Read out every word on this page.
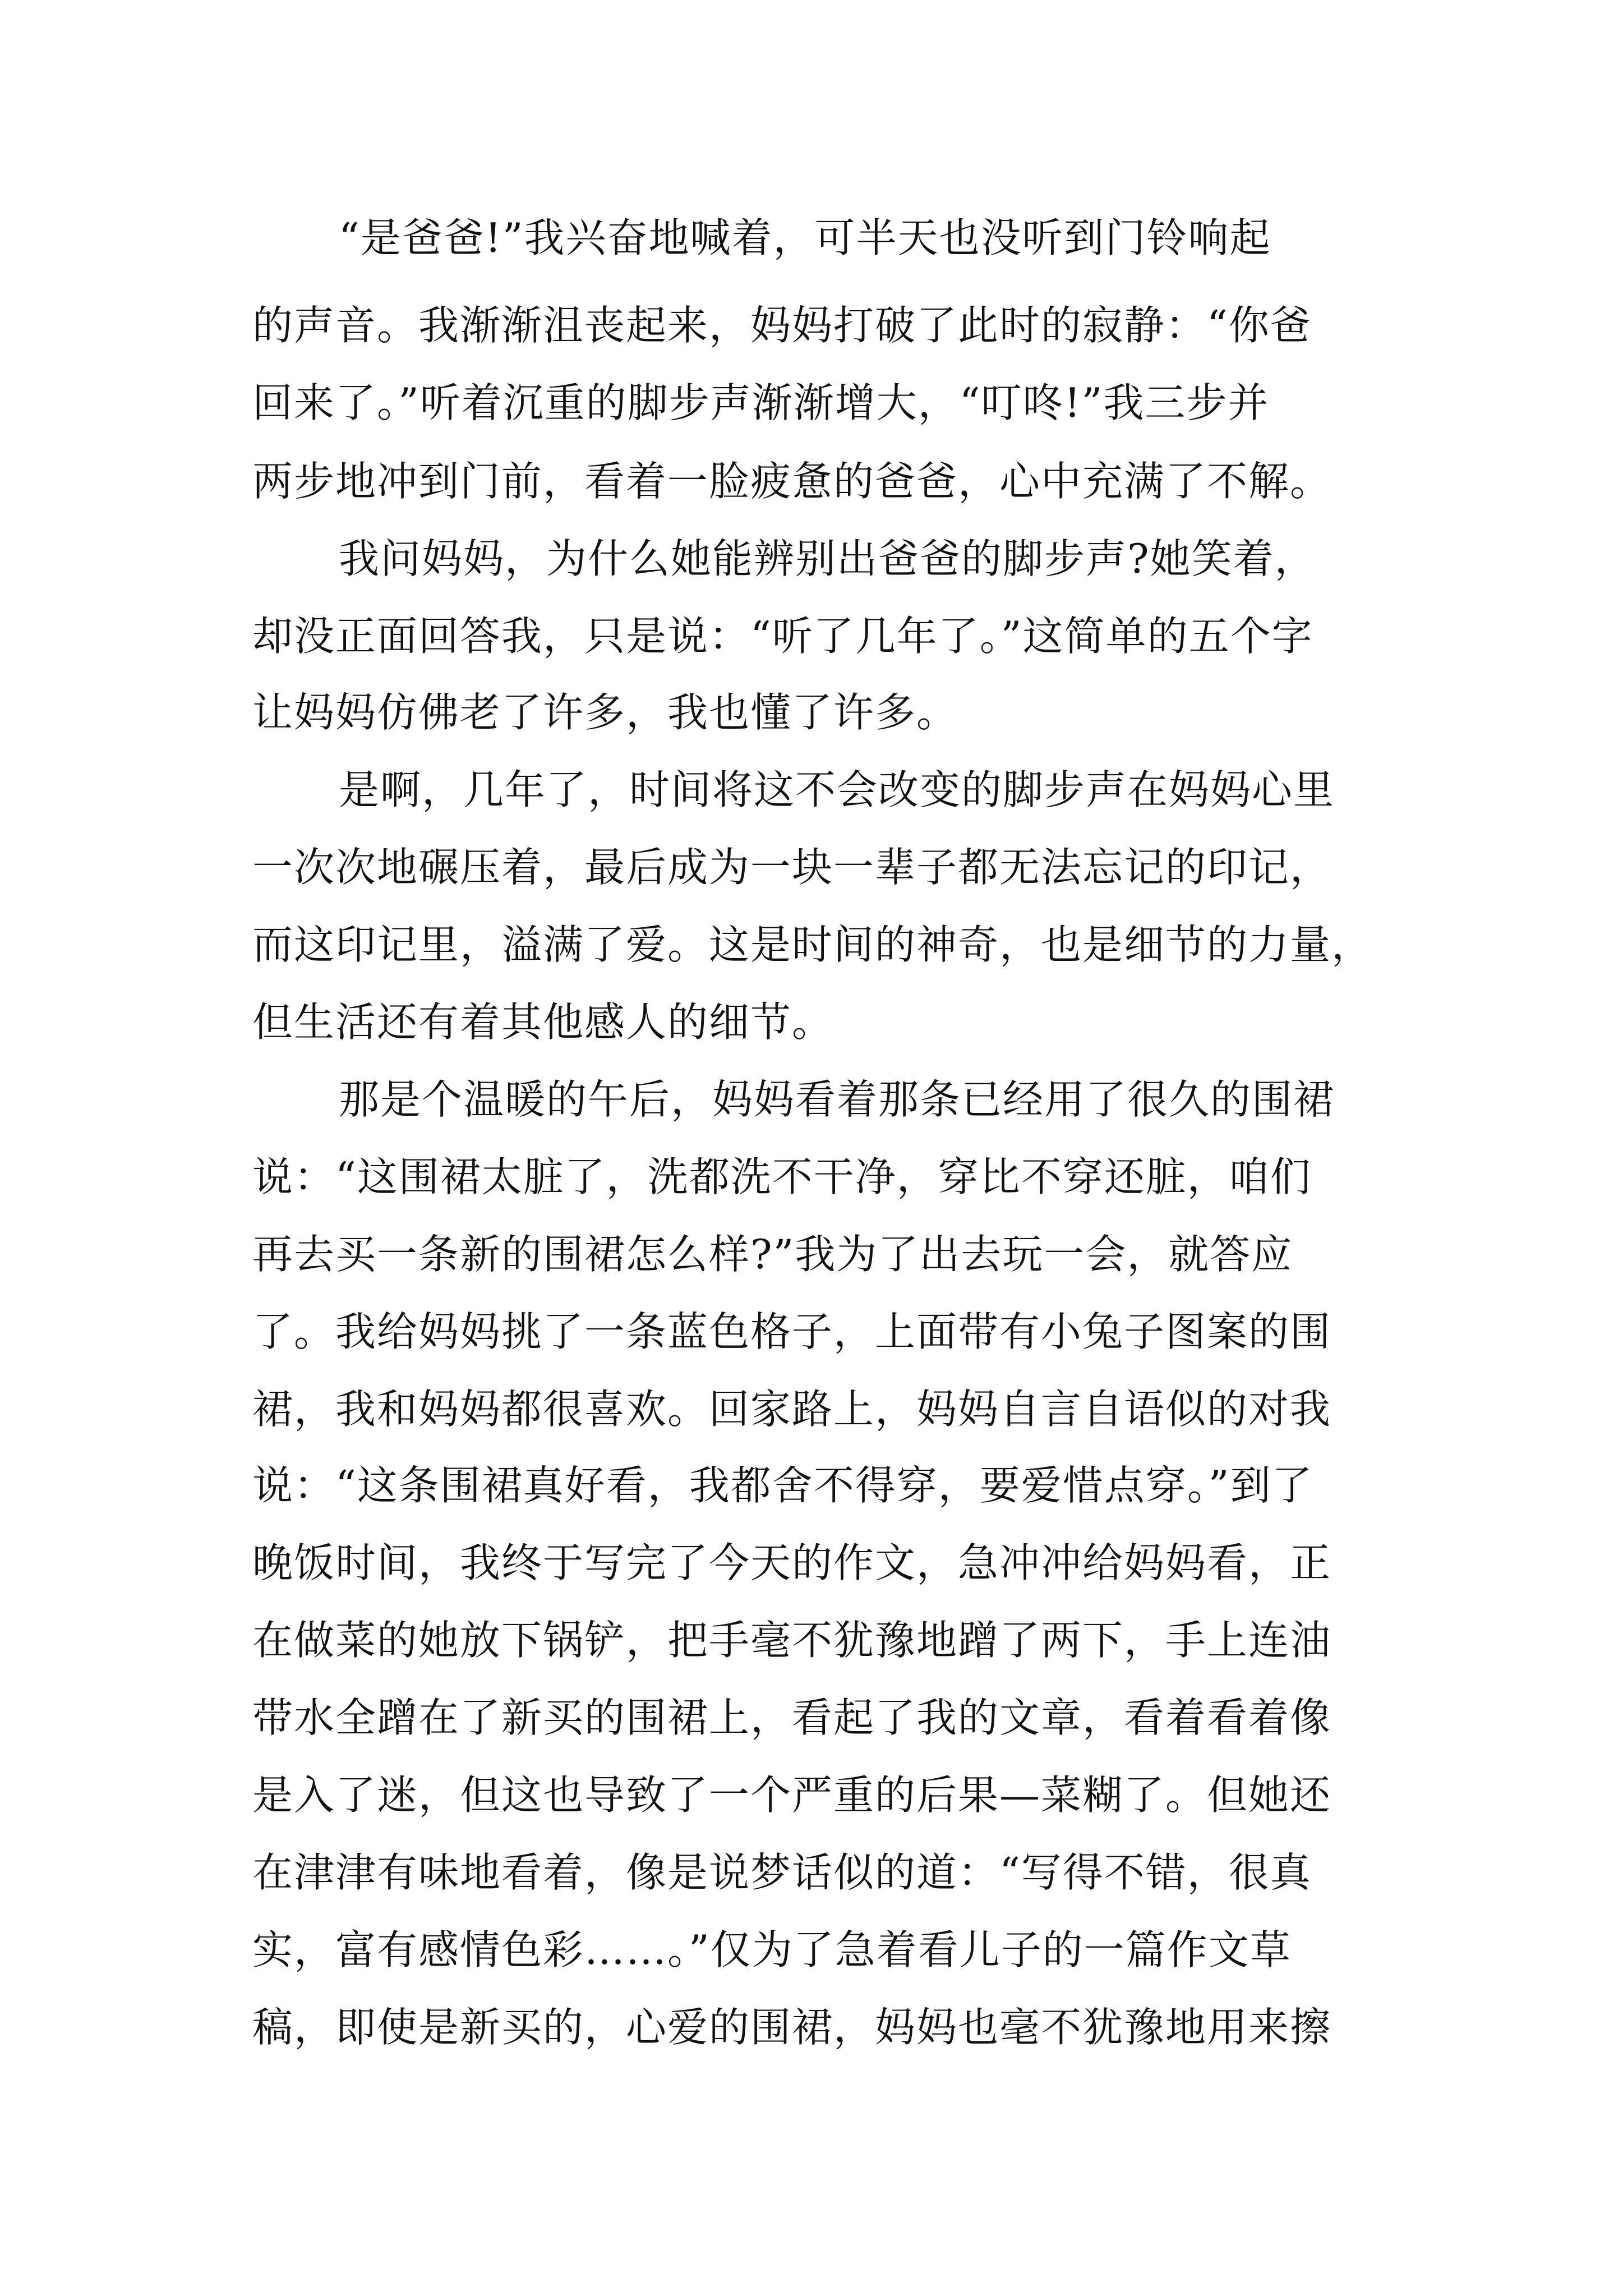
“是爸爸!”我兴奋地喊着，可半天也没听到门铃响起
的声音。我渐渐沮丧起来，妈妈打破了此时的寂静：“你爸
回来了。”听着沉重的脚步声渐渐增大，“叮咚!”我三步并
两步地冲到门前，看着一脸疲惫的爸爸，心中充满了不解。
我问妈妈，为什么她能辨别出爸爸的脚步声?她笑着，
却没正面回答我，只是说：“听了几年了。”这简单的五个字
让妈妈仿佛老了许多，我也懂了许多。
是啊，几年了，时间将这不会改变的脚步声在妈妈心里
一次次地碾压着，最后成为一块一辈子都无法忘记的印记，
而这印记里，溢满了爱。这是时间的神奇，也是细节的力量，
但生活还有着其他感人的细节。
那是个温暖的午后，妈妈看着那条已经用了很久的围裙
说：“这围裙太脏了，洗都洗不干净，穿比不穿还脏，咱们
再去买一条新的围裙怎么样?”我为了出去玩一会，就答应
了。我给妈妈挑了一条蓝色格子，上面带有小兔子图案的围
裙，我和妈妈都很喜欢。回家路上，妈妈自言自语似的对我
说：“这条围裙真好看，我都舍不得穿，要爱惜点穿。”到了
晚饭时间，我终于写完了今天的作文，急冲冲给妈妈看，正
在做菜的她放下锅铲，把手毫不犹豫地蹭了两下，手上连油
带水全蹭在了新买的围裙上，看起了我的文章，看着看着像
是入了迷，但这也导致了一个严重的后果—菜糊了。但她还
在津津有味地看着，像是说梦话似的道：“写得不错，很真
实，富有感情色彩……。”仅为了急着看儿子的一篇作文草
稿，即使是新买的，心爱的围裙，妈妈也毫不犹豫地用来擦
